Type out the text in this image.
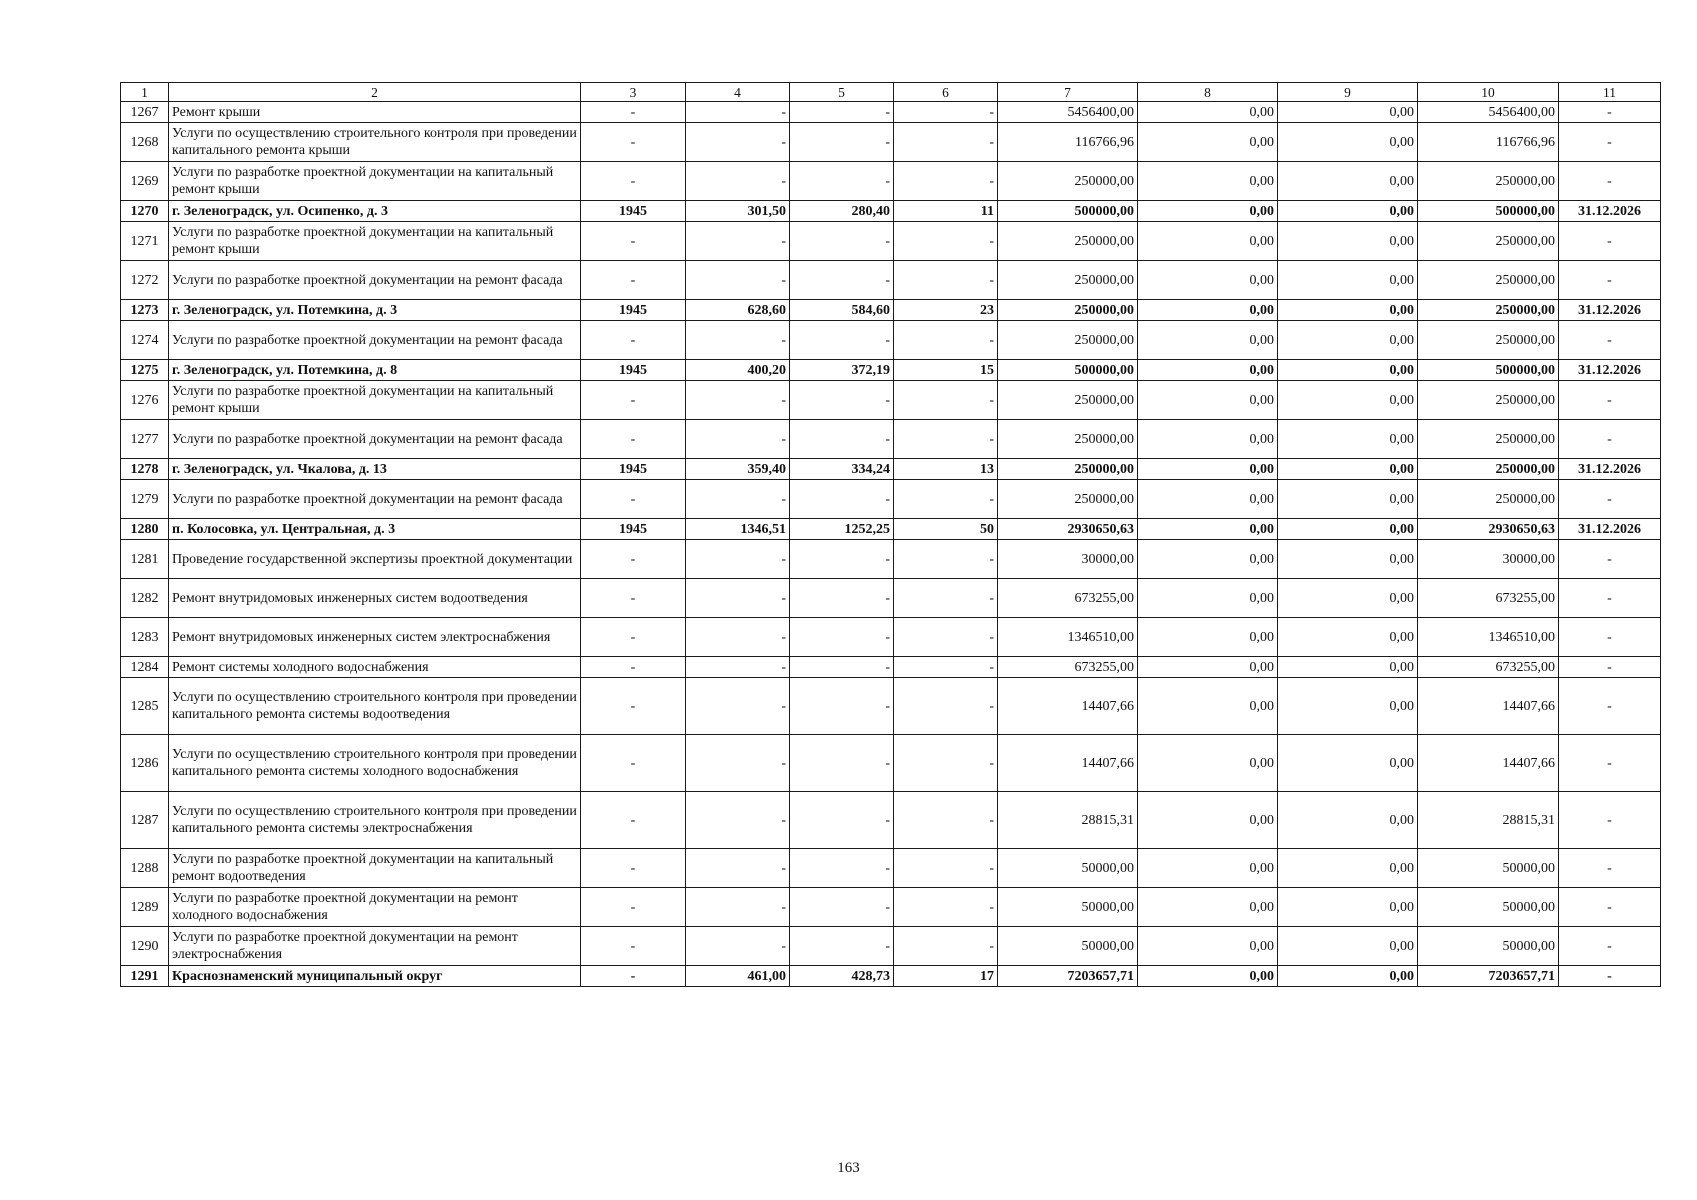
1	2	3	4	5	6	7	8	9	10	11
1267	Ремонт крыши	-	-	-	-	5456400,00	0,00	0,00	5456400,00	-
1268	Услуги по осуществлению строительного контроля при проведении капитального ремонта крыши	-	-	-	-	116766,96	0,00	0,00	116766,96	-
1269	Услуги по разработке проектной документации на капитальный ремонт крыши	-	-	-	-	250000,00	0,00	0,00	250000,00	-
1270	г. Зеленоградск, ул. Осипенко, д. 3	1945	301,50	280,40	11	500000,00	0,00	0,00	500000,00	31.12.2026
1271	Услуги по разработке проектной документации на капитальный ремонт крыши	-	-	-	-	250000,00	0,00	0,00	250000,00	-
1272	Услуги по разработке проектной документации на ремонт фасада	-	-	-	-	250000,00	0,00	0,00	250000,00	-
1273	г. Зеленоградск, ул. Потемкина, д. 3	1945	628,60	584,60	23	250000,00	0,00	0,00	250000,00	31.12.2026
1274	Услуги по разработке проектной документации на ремонт фасада	-	-	-	-	250000,00	0,00	0,00	250000,00	-
1275	г. Зеленоградск, ул. Потемкина, д. 8	1945	400,20	372,19	15	500000,00	0,00	0,00	500000,00	31.12.2026
1276	Услуги по разработке проектной документации на капитальный ремонт крыши	-	-	-	-	250000,00	0,00	0,00	250000,00	-
1277	Услуги по разработке проектной документации на ремонт фасада	-	-	-	-	250000,00	0,00	0,00	250000,00	-
1278	г. Зеленоградск, ул. Чкалова, д. 13	1945	359,40	334,24	13	250000,00	0,00	0,00	250000,00	31.12.2026
1279	Услуги по разработке проектной документации на ремонт фасада	-	-	-	-	250000,00	0,00	0,00	250000,00	-
1280	п. Колосовка, ул. Центральная, д. 3	1945	1346,51	1252,25	50	2930650,63	0,00	0,00	2930650,63	31.12.2026
1281	Проведение государственной экспертизы проектной документации	-	-	-	-	30000,00	0,00	0,00	30000,00	-
1282	Ремонт внутридомовых инженерных систем водоотведения	-	-	-	-	673255,00	0,00	0,00	673255,00	-
1283	Ремонт внутридомовых инженерных систем электроснабжения	-	-	-	-	1346510,00	0,00	0,00	1346510,00	-
1284	Ремонт системы холодного водоснабжения	-	-	-	-	673255,00	0,00	0,00	673255,00	-
1285	Услуги по осуществлению строительного контроля при проведении капитального ремонта системы водоотведения	-	-	-	-	14407,66	0,00	0,00	14407,66	-
1286	Услуги по осуществлению строительного контроля при проведении капитального ремонта системы холодного водоснабжения	-	-	-	-	14407,66	0,00	0,00	14407,66	-
1287	Услуги по осуществлению строительного контроля при проведении капитального ремонта системы электроснабжения	-	-	-	-	28815,31	0,00	0,00	28815,31	-
1288	Услуги по разработке проектной документации на капитальный ремонт водоотведения	-	-	-	-	50000,00	0,00	0,00	50000,00	-
1289	Услуги по разработке проектной документации на ремонт холодного водоснабжения	-	-	-	-	50000,00	0,00	0,00	50000,00	-
1290	Услуги по разработке проектной документации на ремонт электроснабжения	-	-	-	-	50000,00	0,00	0,00	50000,00	-
1291	Краснознаменский муниципальный округ	-	461,00	428,73	17	7203657,71	0,00	0,00	7203657,71	-
163
